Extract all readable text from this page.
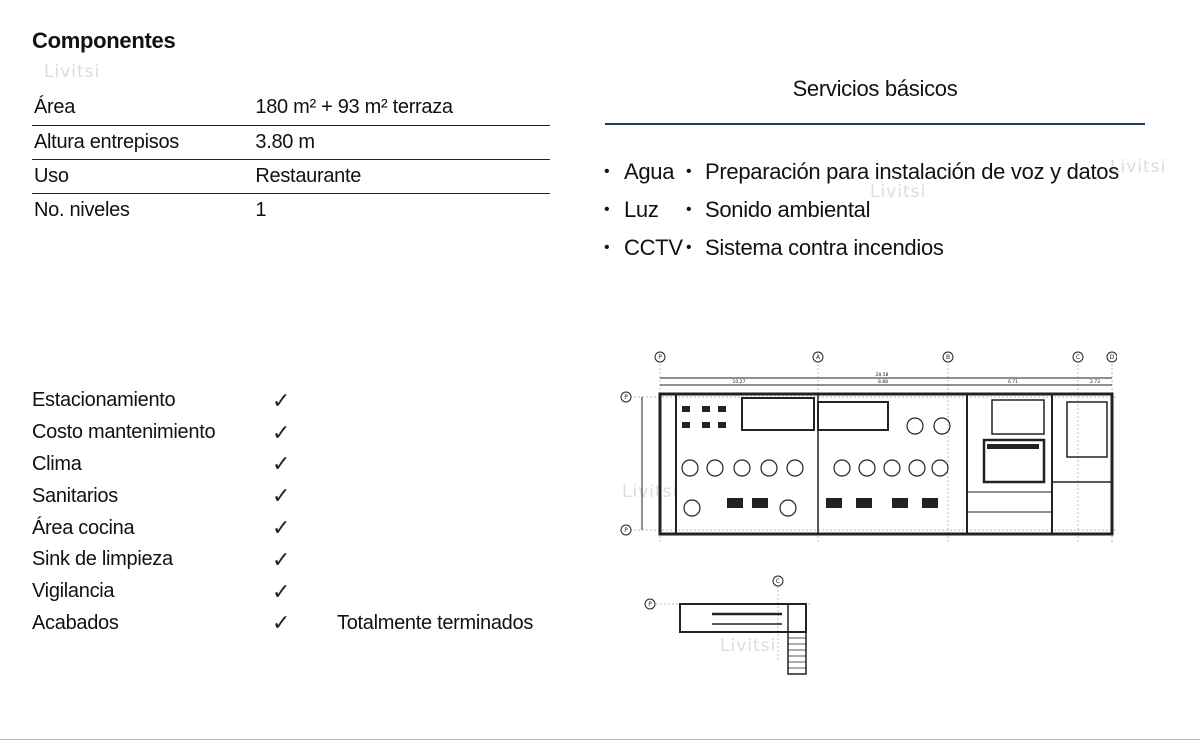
Componentes
Livitsi
Livitsi
Livitsi
Livitsi
Livitsi
Área	180 m² + 93 m² terraza
Altura entrepisos	3.80 m
Uso	Restaurante
No. niveles	1
Servicios básicos
• Agua • Preparación para instalación de voz y datos
• Luz	• Sonido ambiental
• CCTV • Sistema contra incendios
Estacionamiento	✓
Costo mantenimiento	✓
Clima	✓
Sanitarios	✓
Área cocina	✓
Sink de limpieza	✓
Vigilancia	✓
Acabados	✓	Totalmente terminados
P	A	B	C	D
P
P
28.58
10.27	8.88	6.71	2.73
C
P
